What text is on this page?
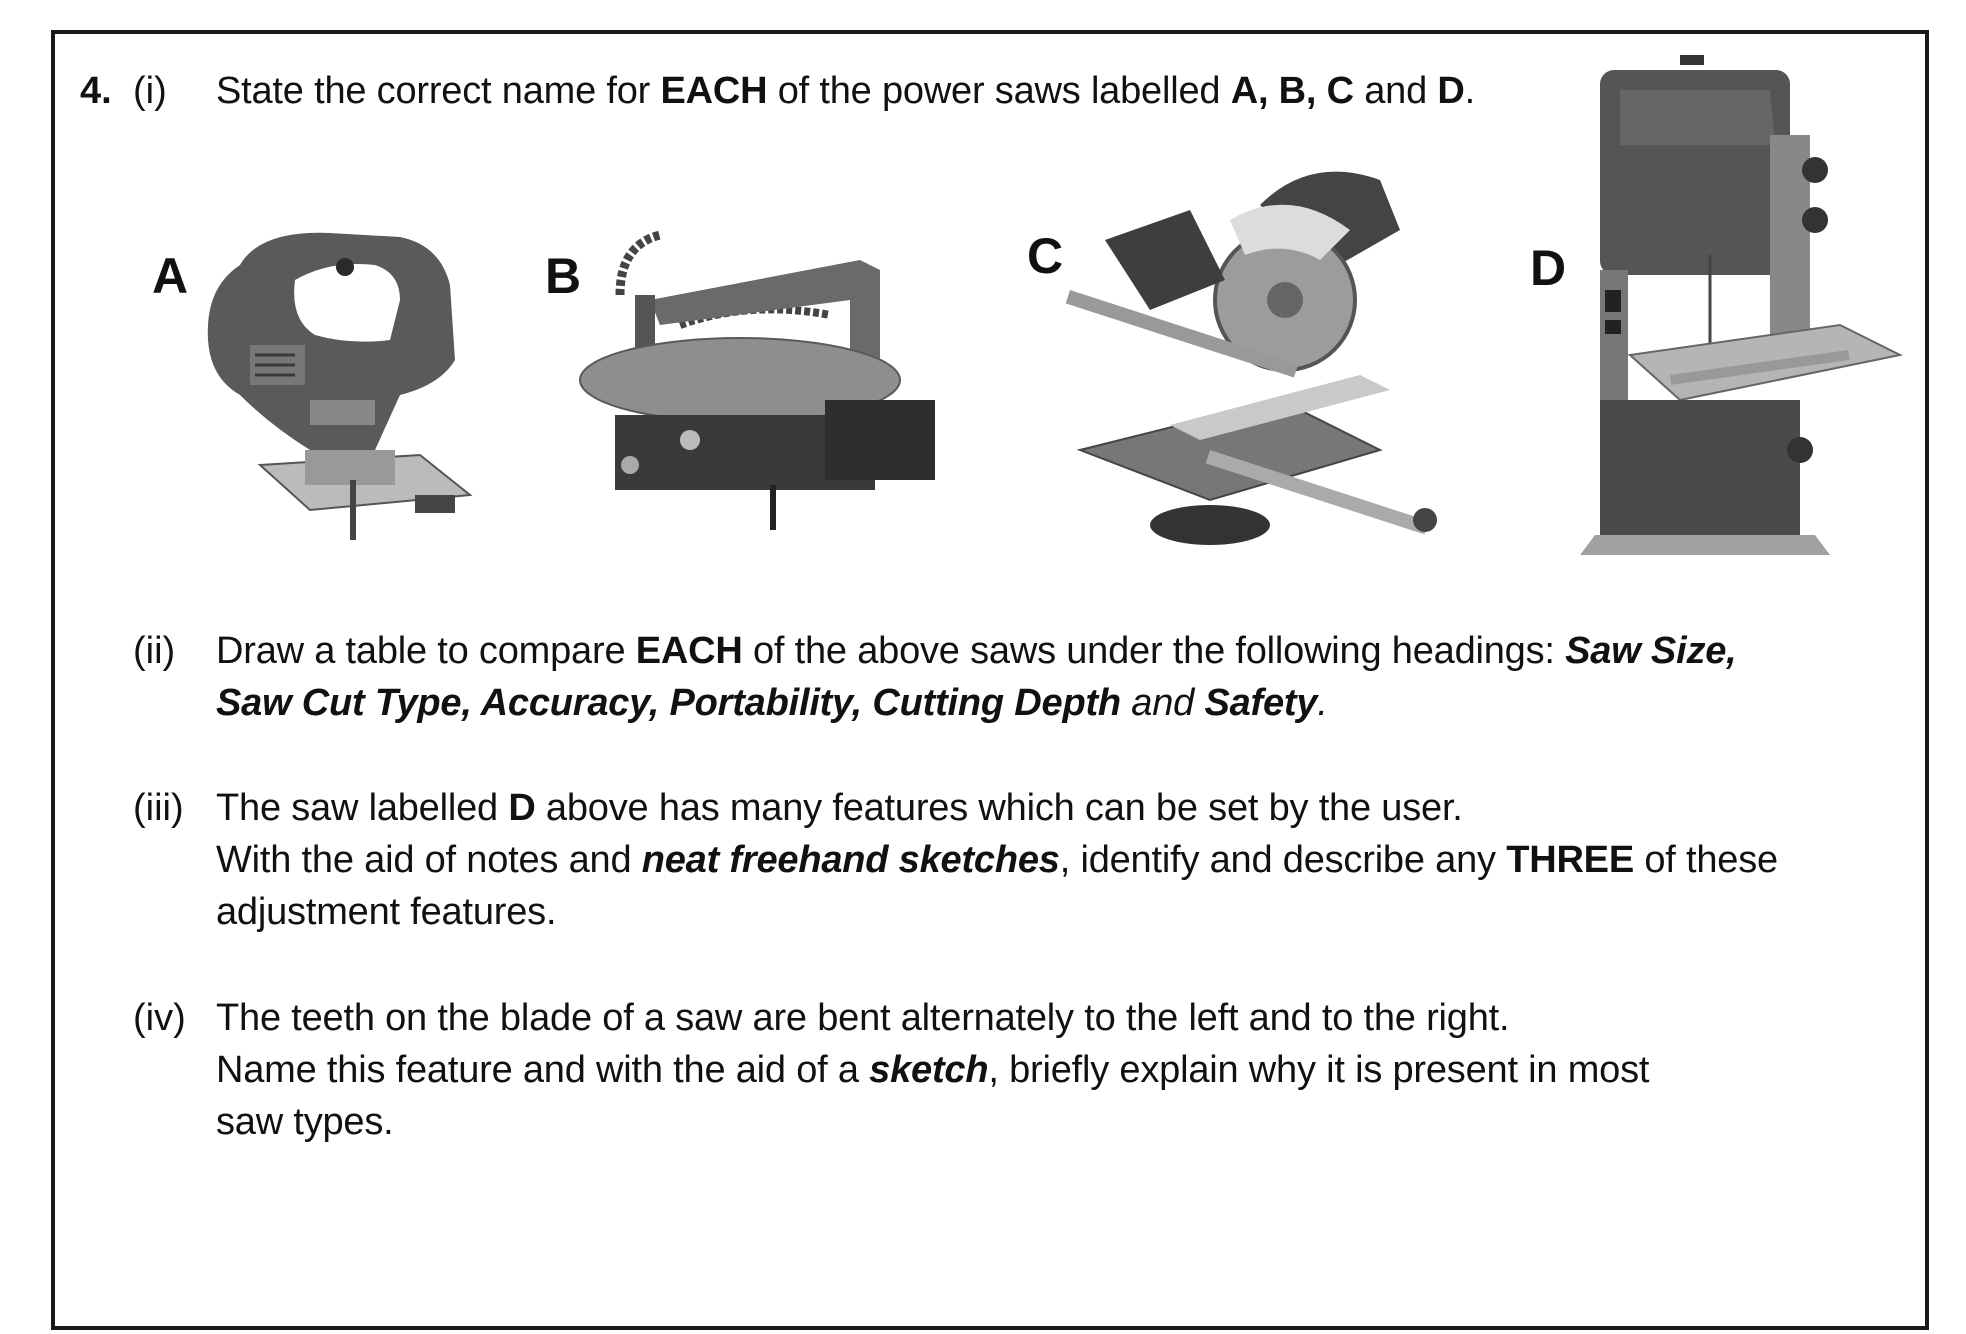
4. (i) State the correct name for EACH of the power saws labelled A, B, C and D.
A	B	C	D
(ii) Draw a table to compare EACH of the above saws under the following headings: Saw Size,
Saw Cut Type, Accuracy, Portability, Cutting Depth and Safety.
(iii) The saw labelled D above has many features which can be set by the user.
With the aid of notes and neat freehand sketches, identify and describe any THREE of these
adjustment features.
(iv) The teeth on the blade of a saw are bent alternately to the left and to the right.
Name this feature and with the aid of a sketch, briefly explain why it is present in most
saw types.
